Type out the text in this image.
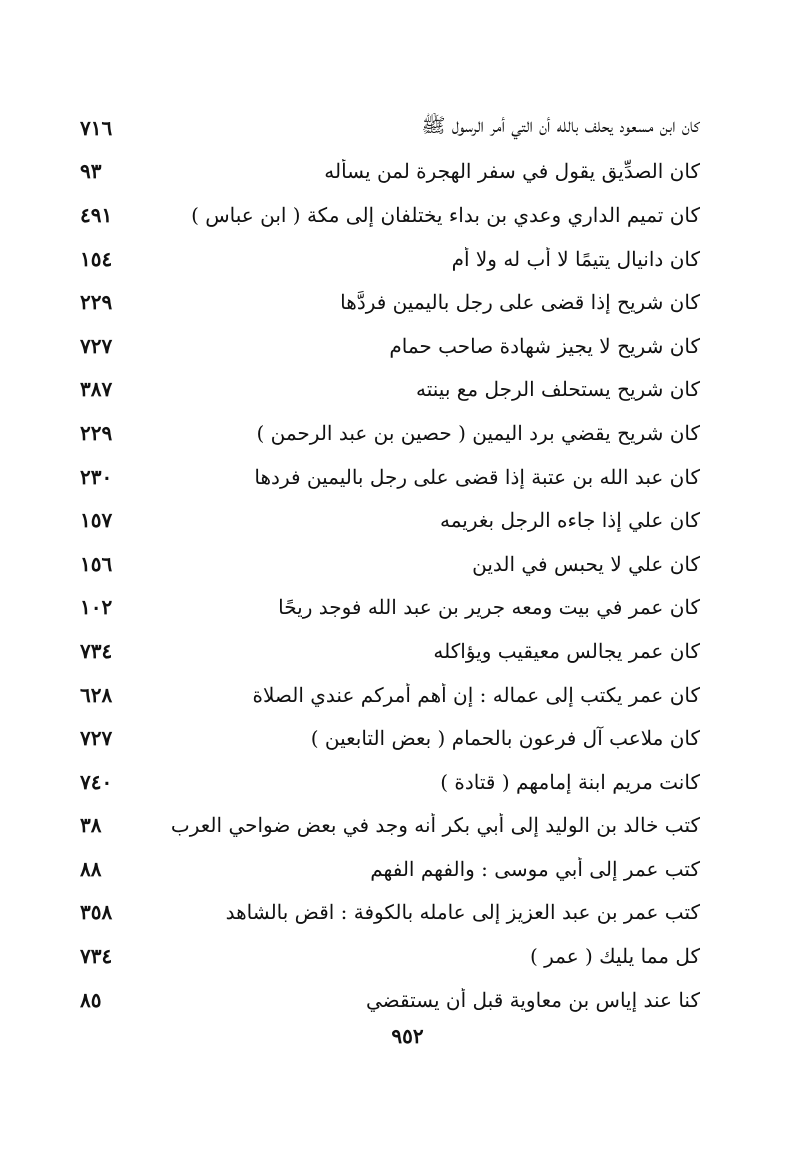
كان ابن مسعود يحلف بالله أن التي أمر الرسول ﷺ
٧١٦
كان الصدِّيق يقول في سفر الهجرة لمن يسأله
٩٣
كان تميم الداري وعدي بن بداء يختلفان إلى مكة ( ابن عباس )
٤٩١
كان دانيال يتيمًا لا أب له ولا أم
١٥٤
كان شريح إذا قضى على رجل باليمين فردَّها
٢٢٩
كان شريح لا يجيز شهادة صاحب حمام
٧٢٧
كان شريح يستحلف الرجل مع بينته
٣٨٧
كان شريح يقضي برد اليمين ( حصين بن عبد الرحمن )
٢٢٩
كان عبد الله بن عتبة إذا قضى على رجل باليمين فردها
٢٣٠
كان علي إذا جاءه الرجل بغريمه
١٥٧
كان علي لا يحبس في الدين
١٥٦
كان عمر في بيت ومعه جرير بن عبد الله فوجد ريحًا
١٠٢
كان عمر يجالس معيقيب ويؤاكله
٧٣٤
كان عمر يكتب إلى عماله : إن أهم أمركم عندي الصلاة
٦٢٨
كان ملاعب آل فرعون بالحمام ( بعض التابعين )
٧٢٧
كانت مريم ابنة إمامهم ( قتادة )
٧٤٠
كتب خالد بن الوليد إلى أبي بكر أنه وجد في بعض ضواحي العرب
٣٨
كتب عمر إلى أبي موسى : والفهم الفهم
٨٨
كتب عمر بن عبد العزيز إلى عامله بالكوفة : اقض بالشاهد
٣٥٨
كل مما يليك ( عمر )
٧٣٤
كنا عند إياس بن معاوية قبل أن يستقضي
٨٥
٩٥٢
